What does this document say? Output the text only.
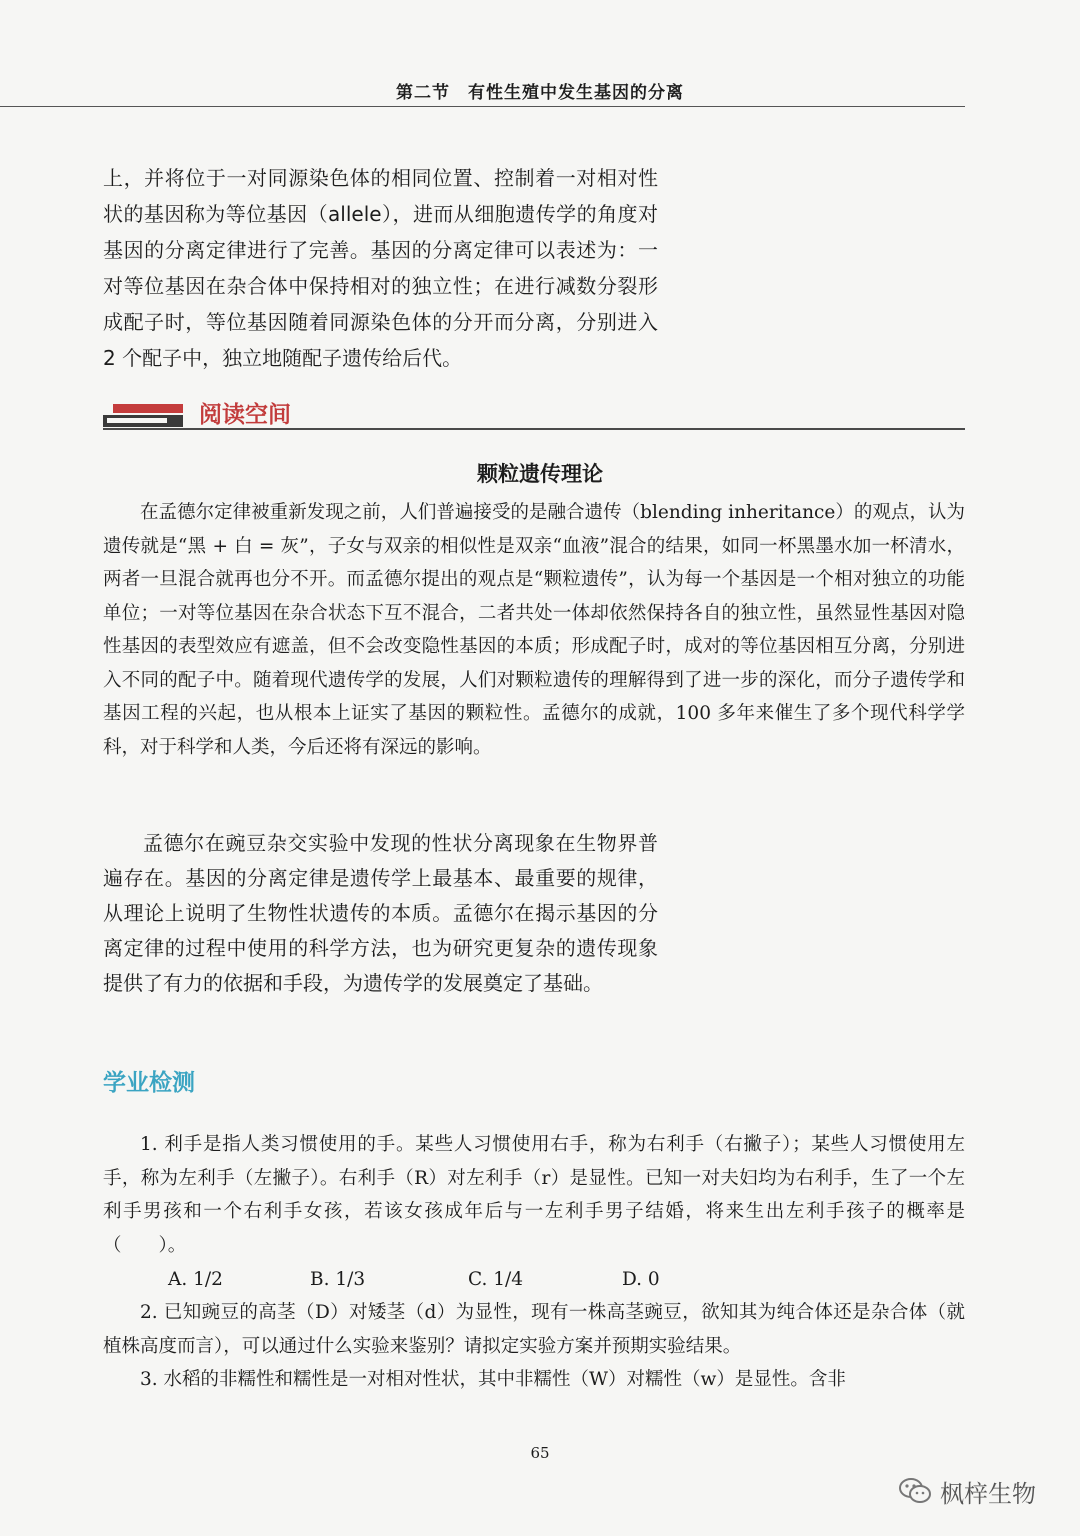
第二节　有性生殖中发生基因的分离

上，并将位于一对同源染色体的相同位置、控制着一对相对性状的基因称为等位基因（allele），进而从细胞遗传学的角度对基因的分离定律进行了完善。基因的分离定律可以表述为：一对等位基因在杂合体中保持相对的独立性；在进行减数分裂形成配子时，等位基因随着同源染色体的分开而分离，分别进入 2 个配子中，独立地随配子遗传给后代。

阅读空间
颗粒遗传理论

在孟德尔定律被重新发现之前，人们普遍接受的是融合遗传（blending inheritance）的观点，认为遗传就是“黑 + 白 = 灰”，子女与双亲的相似性是双亲“血液”混合的结果，如同一杯黑墨水加一杯清水，两者一旦混合就再也分不开。而孟德尔提出的观点是“颗粒遗传”，认为每一个基因是一个相对独立的功能单位；一对等位基因在杂合状态下互不混合，二者共处一体却依然保持各自的独立性，虽然显性基因对隐性基因的表型效应有遮盖，但不会改变隐性基因的本质；形成配子时，成对的等位基因相互分离，分别进入不同的配子中。随着现代遗传学的发展，人们对颗粒遗传的理解得到了进一步的深化，而分子遗传学和基因工程的兴起，也从根本上证实了基因的颗粒性。孟德尔的成就，100 多年来催生了多个现代科学学科，对于科学和人类，今后还将有深远的影响。

孟德尔在豌豆杂交实验中发现的性状分离现象在生物界普遍存在。基因的分离定律是遗传学上最基本、最重要的规律，从理论上说明了生物性状遗传的本质。孟德尔在揭示基因的分离定律的过程中使用的科学方法，也为研究更复杂的遗传现象提供了有力的依据和手段，为遗传学的发展奠定了基础。

学业检测

1. 利手是指人类习惯使用的手。某些人习惯使用右手，称为右利手（右撇子）；某些人习惯使用左手，称为左利手（左撇子）。右利手（R）对左利手（r）是显性。已知一对夫妇均为右利手，生了一个左利手男孩和一个右利手女孩，若该女孩成年后与一左利手男子结婚，将来生出左利手孩子的概率是（　　）。

A. 1/2	B. 1/3	C. 1/4	D. 0

2. 已知豌豆的高茎（D）对矮茎（d）为显性，现有一株高茎豌豆，欲知其为纯合体还是杂合体（就植株高度而言），可以通过什么实验来鉴别？请拟定实验方案并预期实验结果。

3. 水稻的非糯性和糯性是一对相对性状，其中非糯性（W）对糯性（w）是显性。含非

65
枫梓生物
